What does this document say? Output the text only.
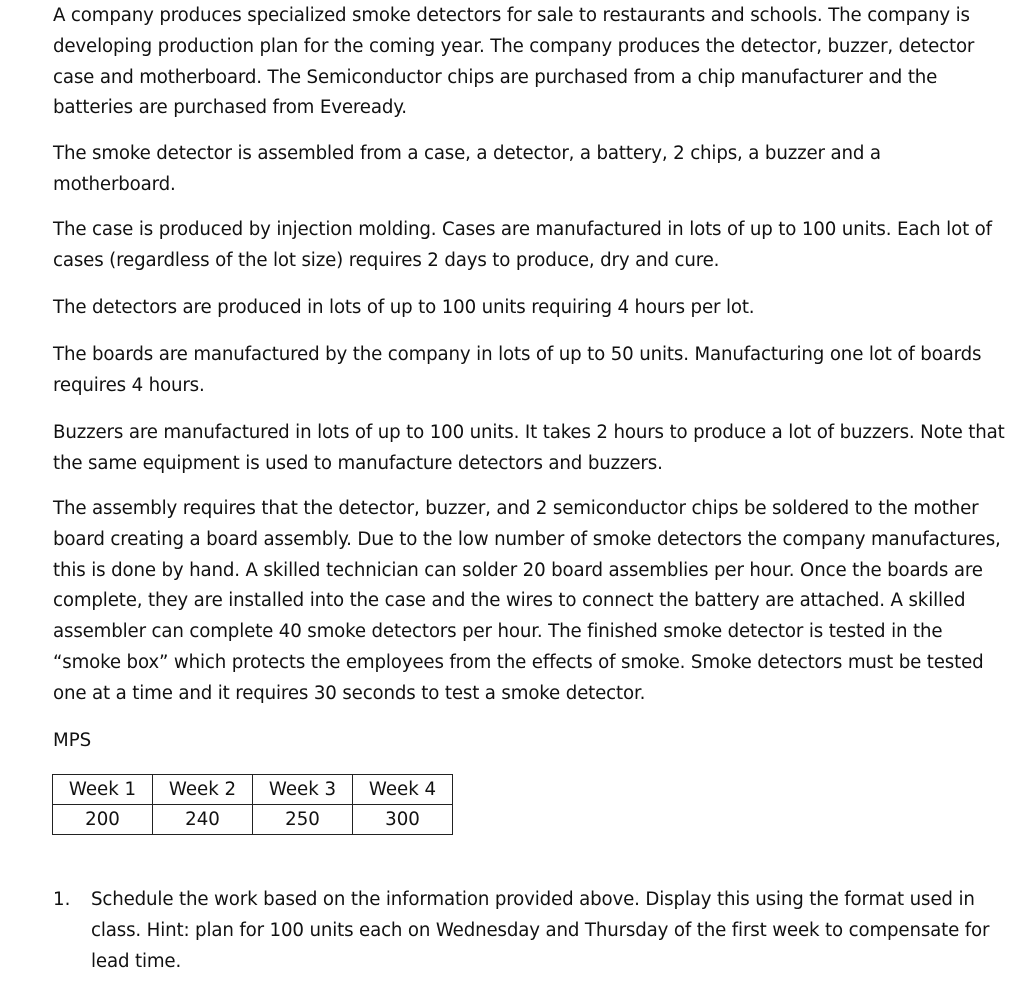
A company produces specialized smoke detectors for sale to restaurants and schools. The company is developing production plan for the coming year. The company produces the detector, buzzer, detector case and motherboard. The Semiconductor chips are purchased from a chip manufacturer and the batteries are purchased from Eveready.

The smoke detector is assembled from a case, a detector, a battery, 2 chips, a buzzer and a motherboard.

The case is produced by injection molding. Cases are manufactured in lots of up to 100 units. Each lot of cases (regardless of the lot size) requires 2 days to produce, dry and cure.

The detectors are produced in lots of up to 100 units requiring 4 hours per lot.

The boards are manufactured by the company in lots of up to 50 units. Manufacturing one lot of boards requires 4 hours.

Buzzers are manufactured in lots of up to 100 units. It takes 2 hours to produce a lot of buzzers. Note that the same equipment is used to manufacture detectors and buzzers.

The assembly requires that the detector, buzzer, and 2 semiconductor chips be soldered to the mother board creating a board assembly. Due to the low number of smoke detectors the company manufactures, this is done by hand. A skilled technician can solder 20 board assemblies per hour. Once the boards are complete, they are installed into the case and the wires to connect the battery are attached. A skilled assembler can complete 40 smoke detectors per hour. The finished smoke detector is tested in the “smoke box” which protects the employees from the effects of smoke. Smoke detectors must be tested one at a time and it requires 30 seconds to test a smoke detector.

MPS
Week 1	Week 2	Week 3	Week 4
200	240	250	300
1. Schedule the work based on the information provided above. Display this using the format used in class. Hint: plan for 100 units each on Wednesday and Thursday of the first week to compensate for lead time.
